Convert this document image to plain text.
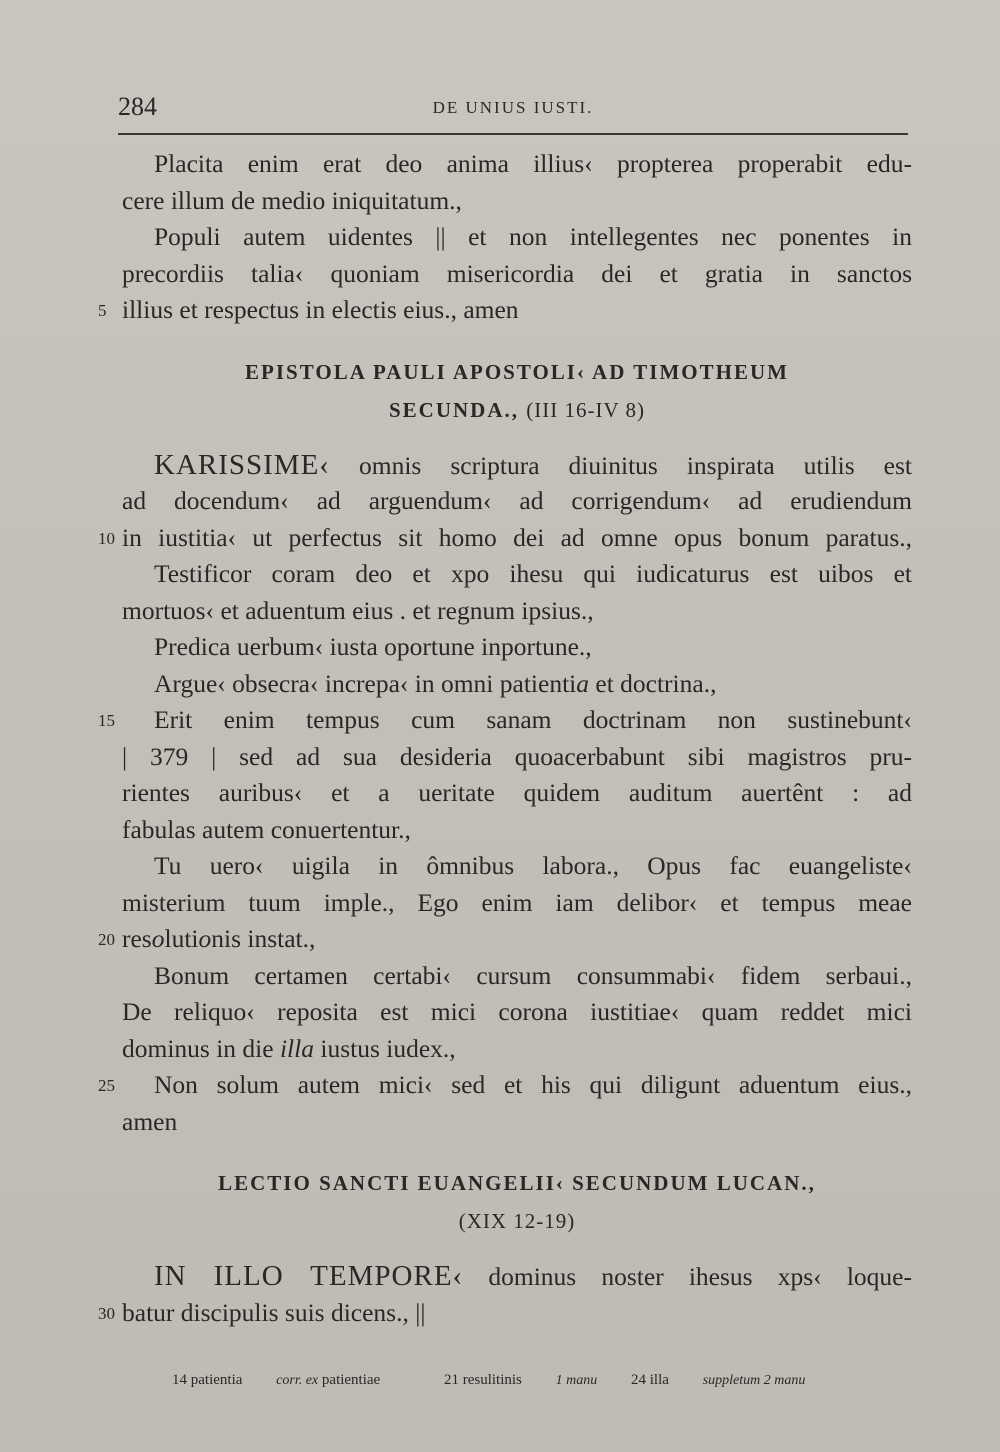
284	DE UNIUS IUSTI.
Placita enim erat deo anima illius‹ propterea properabit edu-
cere illum de medio iniquitatum.,
Populi autem uidentes || et non intellegentes nec ponentes in
precordiis talia‹ quoniam misericordia dei et gratia in sanctos
5 illius et respectus in electis eius., amen
EPISTOLA PAULI APOSTOLI‹ AD TIMOTHEUM
SECUNDA., (III 16-IV 8)
KARISSIME‹ omnis scriptura diuinitus inspirata utilis est
ad docendum‹ ad arguendum‹ ad corrigendum‹ ad erudiendum
10 in iustitia‹ ut perfectus sit homo dei ad omne opus bonum paratus.,
Testificor coram deo et xpo ihesu qui iudicaturus est uibos et
mortuos‹ et aduentum eius . et regnum ipsius.,
Predica uerbum‹ iusta oportune inportune.,
Argue‹ obsecra‹ increpa‹ in omni patientia et doctrina.,
15 Erit enim tempus cum sanam doctrinam non sustinebunt‹
| 379 | sed ad sua desideria quoacerbabunt sibi magistros pru-
rientes auribus‹ et a ueritate quidem auditum auertênt : ad
fabulas autem conuertentur.,
Tu uero‹ uigila in ômnibus labora., Opus fac euangeliste‹
misterium tuum imple., Ego enim iam delibor‹ et tempus meae
20 resolutionis instat.,
Bonum certamen certabi‹ cursum consummabi‹ fidem serbaui.,
De reliquo‹ reposita est mici corona iustitiae‹ quam reddet mici
dominus in die illa iustus iudex.,
25 Non solum autem mici‹ sed et his qui diligunt aduentum eius.,
amen
LECTIO SANCTI EUANGELII‹ SECUNDUM LUCAN.,
(XIX 12-19)
IN ILLO TEMPORE‹ dominus noster ihesus xps‹ loque-
30 batur discipulis suis dicens., ||
14 patientia corr. ex patientiae	21 resulitinis 1 manu 24 illa suppletum 2 manu
